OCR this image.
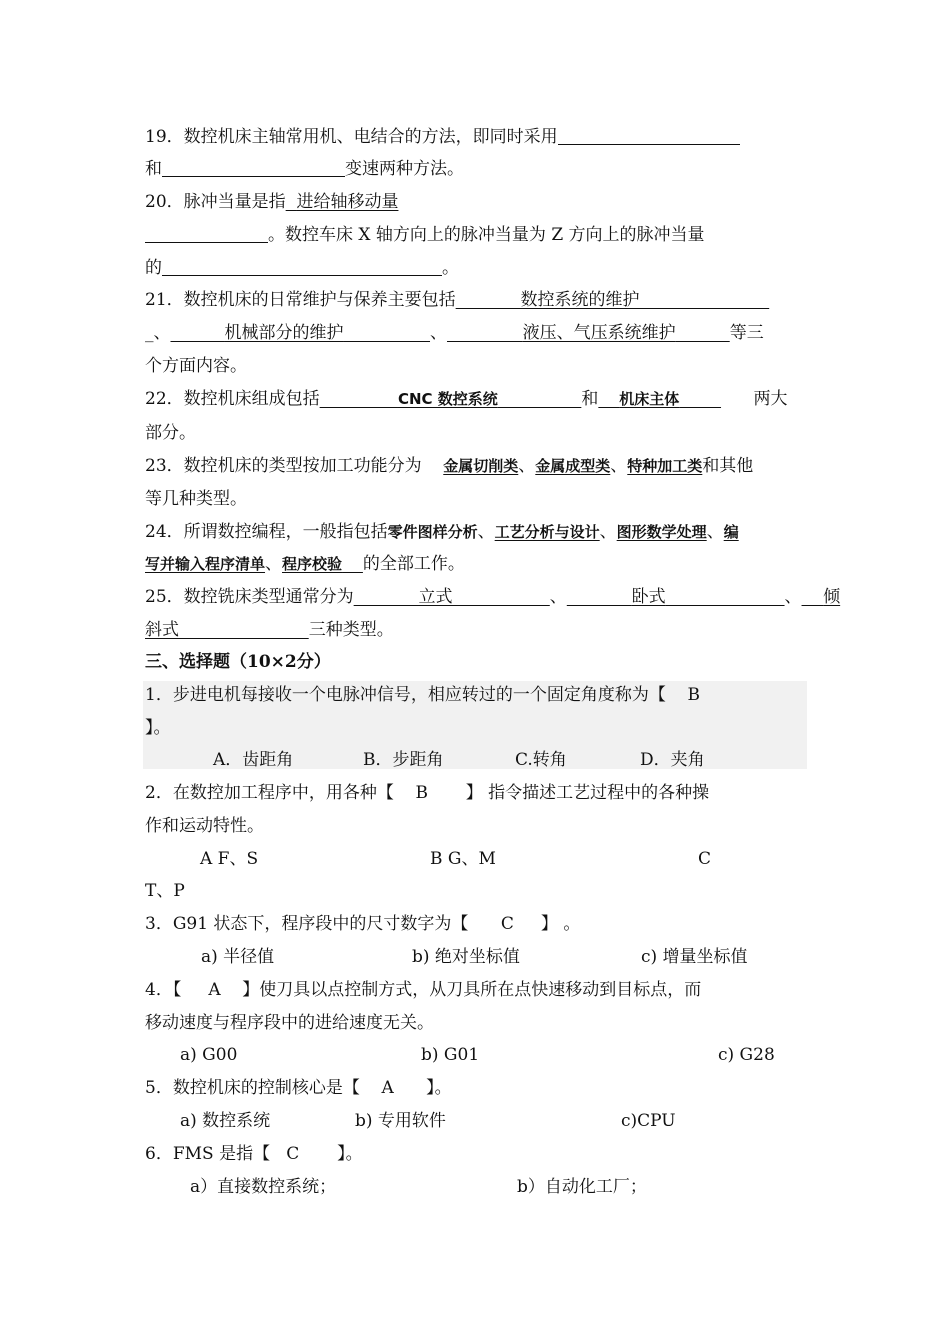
19．数控机床主轴常用机、电结合的方法，即同时采用
和	变速两种方法。
20．脉冲当量是指 进给轴移动量
。数控车床 X 轴方向上的脉冲当量为 Z 方向上的脉冲当量
的	。
21．数控机床的日常维护与保养主要包括	数控系统的维护
_、	机械部分的维护	、	液压、气压系统维护	等三
个方面内容。
22．数控机床组成包括	CNC 数控系统	和 机床主体	两大
部分。
23．数控机床的类型按加工功能分为 金属切削类、金属成型类、特种加工类和其他
等几种类型。
24．所谓数控编程，一般指包括零件图样分析、工艺分析与设计、图形数学处理、编
写并输入程序清单、程序校验 的全部工作。
25．数控铣床类型通常分为	立式	、	卧式	、 倾
斜式	三种类型。
三、选择题（10×2分）
1．步进电机每接收一个电脉冲信号，相应转过的一个固定角度称为【 B
】。
A．齿距角	B．步距角	C.转角	D．夹角
2．在数控加工程序中，用各种【 B 】 指令描述工艺过程中的各种操
作和运动特性。
A F、S	B G、M	C
T、P
3．G91 状态下，程序段中的尺寸数字为【 C 】 。
a) 半径值	b) 绝对坐标值	c) 增量坐标值
4．【 A 】使刀具以点控制方式，从刀具所在点快速移动到目标点，而
移动速度与程序段中的进给速度无关。
a) G00	b) G01	c) G28
5．数控机床的控制核心是【 A 】。
a) 数控系统	b) 专用软件	c)CPU
6．FMS 是指【 C 】。
a）直接数控系统；	b）自动化工厂；
